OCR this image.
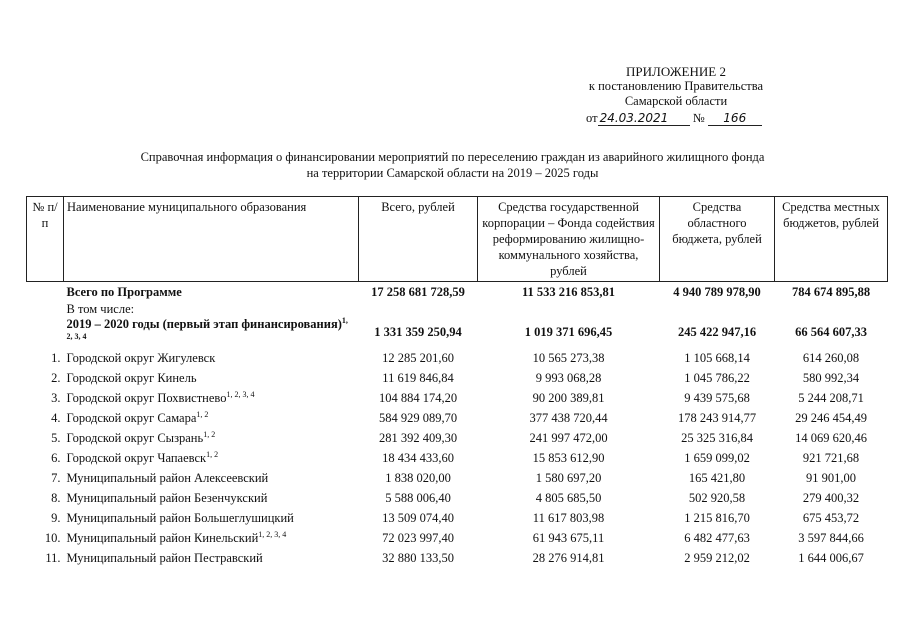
ПРИЛОЖЕНИЕ 2
к постановлению Правительства
Самарской области
от 24.03.2021 № 166
Справочная информация о финансировании мероприятий по переселению граждан из аварийного жилищного фонда
на территории Самарской области на 2019 – 2025 годы
№ п/п	Наименование муниципального образования	Всего, рублей	Средства государственной корпорации – Фонда содействия реформированию жилищно-коммунального хозяйства, рублей	Средства областного бюджета, рублей	Средства местных бюджетов, рублей
	Всего по Программе	17 258 681 728,59	11 533 216 853,81	4 940 789 978,90	784 674 895,88
	В том числе:				
	2019 – 2020 годы (первый этап финансирования)$^{1, 2, 3, 4}$	1 331 359 250,94	1 019 371 696,45	245 422 947,16	66 564 607,33
1.	Городской округ Жигулевск	12 285 201,60	10 565 273,38	1 105 668,14	614 260,08
2.	Городской округ Кинель	11 619 846,84	9 993 068,28	1 045 786,22	580 992,34
3.	Городской округ Похвистнево$^{1, 2, 3, 4}$	104 884 174,20	90 200 389,81	9 439 575,68	5 244 208,71
4.	Городской округ Самара$^{1, 2}$	584 929 089,70	377 438 720,44	178 243 914,77	29 246 454,49
5.	Городской округ Сызрань$^{1, 2}$	281 392 409,30	241 997 472,00	25 325 316,84	14 069 620,46
6.	Городской округ Чапаевск$^{1, 2}$	18 434 433,60	15 853 612,90	1 659 099,02	921 721,68
7.	Муниципальный район Алексеевский	1 838 020,00	1 580 697,20	165 421,80	91 901,00
8.	Муниципальный район Безенчукский	5 588 006,40	4 805 685,50	502 920,58	279 400,32
9.	Муниципальный район Большеглушицкий	13 509 074,40	11 617 803,98	1 215 816,70	675 453,72
10.	Муниципальный район Кинельский$^{1, 2, 3, 4}$	72 023 997,40	61 943 675,11	6 482 477,63	3 597 844,66
11.	Муниципальный район Пестравский	32 880 133,50	28 276 914,81	2 959 212,02	1 644 006,67
